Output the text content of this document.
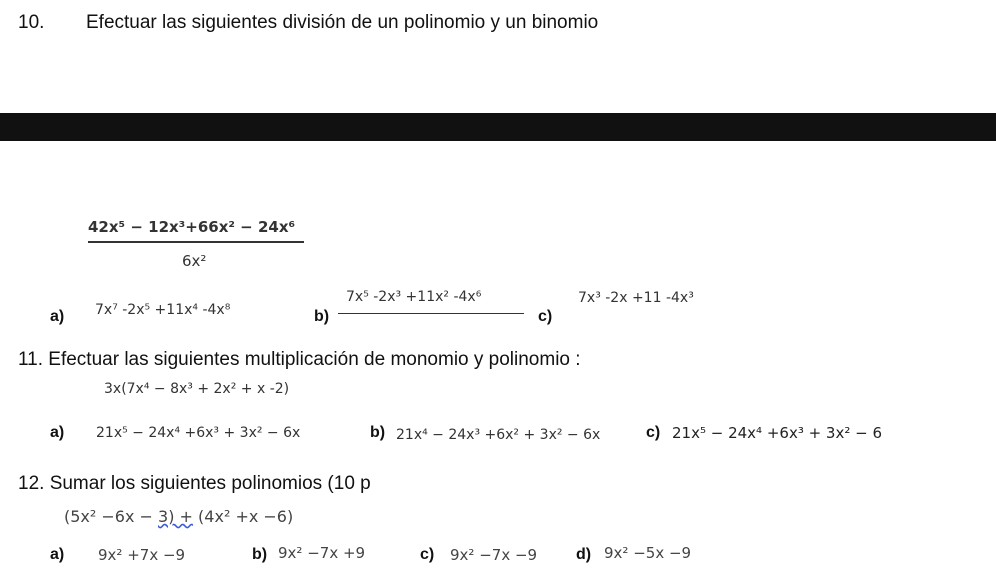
10. Efectuar las siguientes división de un polinomio y un binomio
42x⁵ − 12x³+66x² − 24x⁶
6x²
a) 7x⁷ -2x⁵ +11x⁴ -4x⁸	b)
7x⁵ -2x³ +11x² -4x⁶
c)
7x³ -2x +11 -4x³
11. Efectuar las siguientes multiplicación de monomio y polinomio :
3x(7x⁴ − 8x³ + 2x² + x -2)
a) 21x⁵ − 24x⁴ +6x³ + 3x² − 6x	b) 21x⁴ − 24x³ +6x² + 3x² − 6x	c) 21x⁵ − 24x⁴ +6x³ + 3x² − 6
12. Sumar los siguientes polinomios (10 p
(5x² −6x − 3) + (4x² +x −6)
a) 9x² +7x −9	b) 9x² −7x +9	c) 9x² −7x −9 d) 9x² −5x −9
